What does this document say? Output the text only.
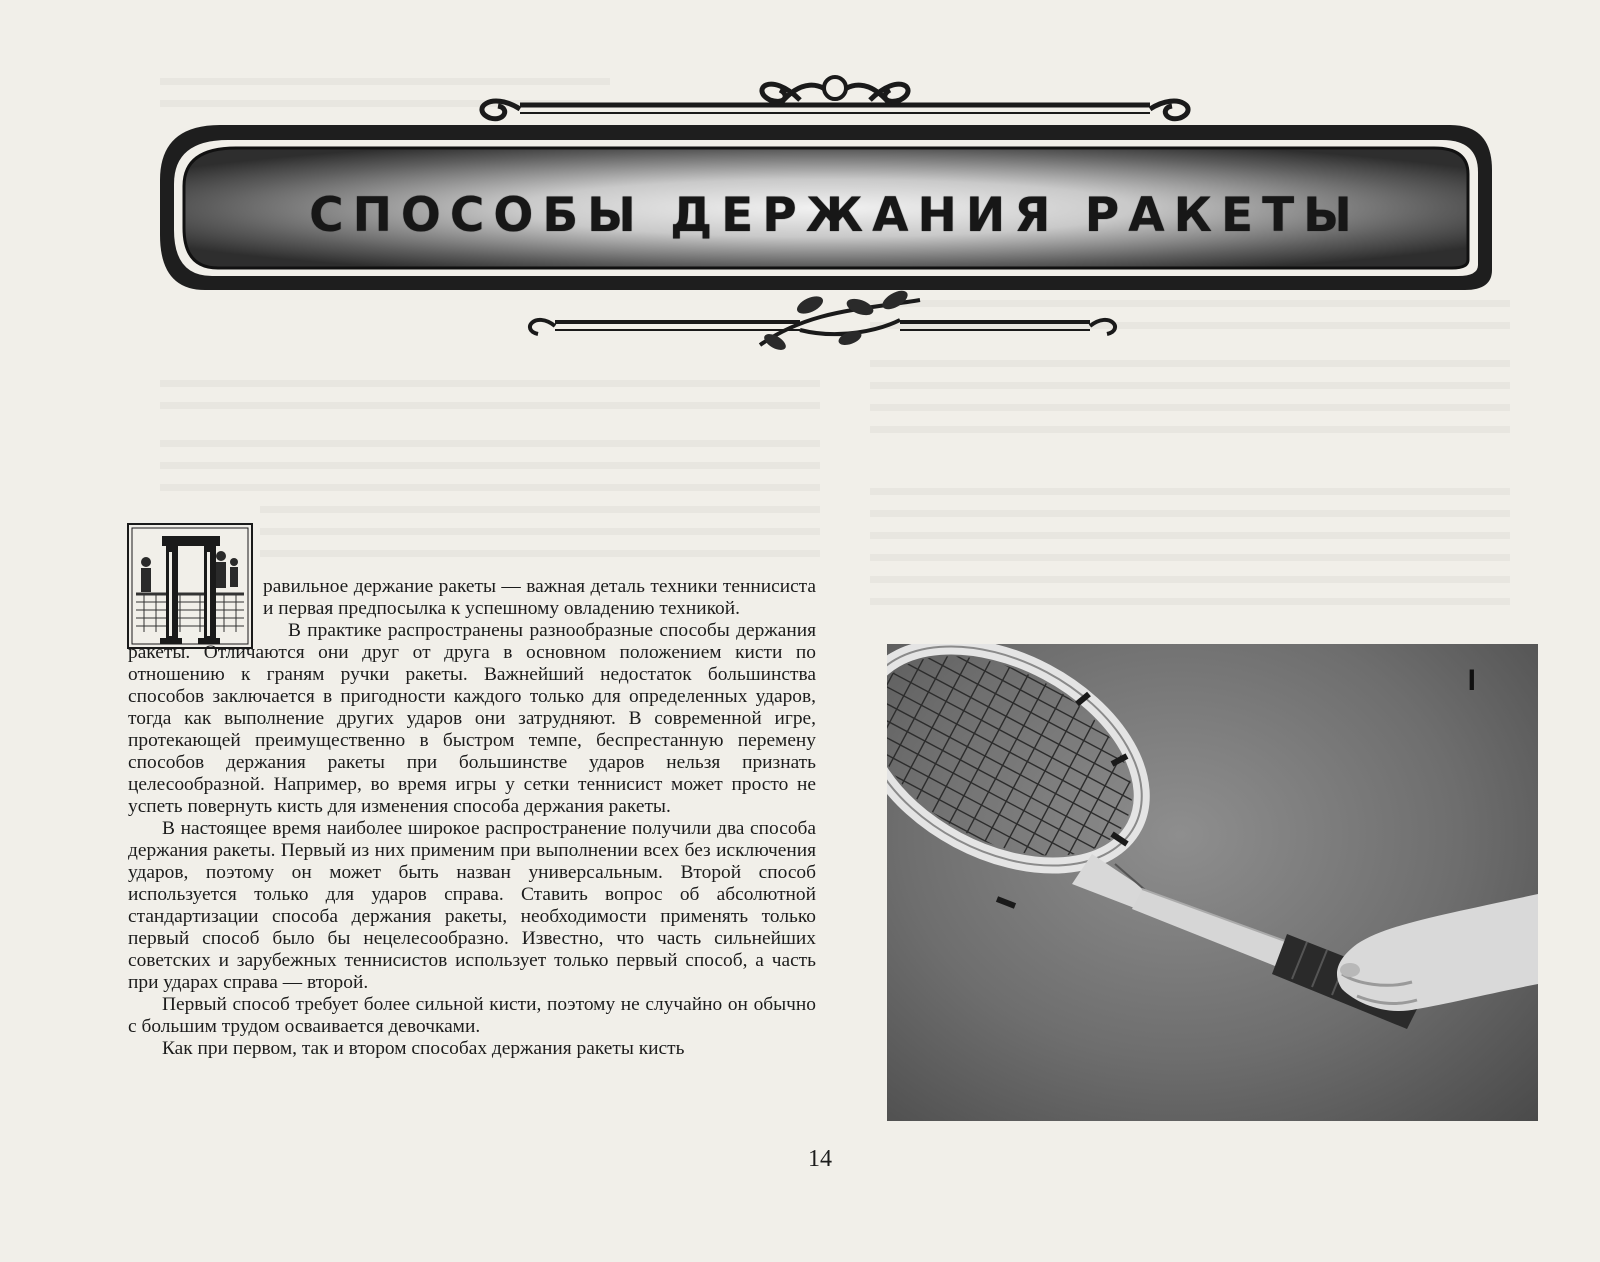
СПОСОБЫ ДЕРЖАНИЯ РАКЕТЫ

равильное держание ракеты — важная деталь техники теннисиста и первая предпосылка к успешному овладению техникой.

В практике распространены разнообразные способы держания ракеты. Отличаются они друг от друга в основном положением кисти по отношению к граням ручки ракеты. Важнейший недостаток большинства способов заключается в пригодности каждого только для определенных ударов, тогда как выполнение других ударов они затрудняют. В современной игре, протекающей преимущественно в быстром темпе, беспрестанную перемену способов держания ракеты при большинстве ударов нельзя признать целесообразной. Например, во время игры у сетки теннисист может просто не успеть повернуть кисть для изменения способа держания ракеты.

В настоящее время наиболее широкое распространение получили два способа держания ракеты. Первый из них применим при выполнении всех без исключения ударов, поэтому он может быть назван универсальным. Второй способ используется только для ударов справа. Ставить вопрос об абсолютной стандартизации способа держания ракеты, необходимости применять только первый способ было бы нецелесообразно. Известно, что часть сильнейших советских и зарубежных теннисистов использует только первый способ, а часть при ударах справа — второй.

Первый способ требует более сильной кисти, поэтому не случайно он обычно с большим трудом осваивается девочками.

Как при первом, так и втором способах держания ракеты кисть

I
14
